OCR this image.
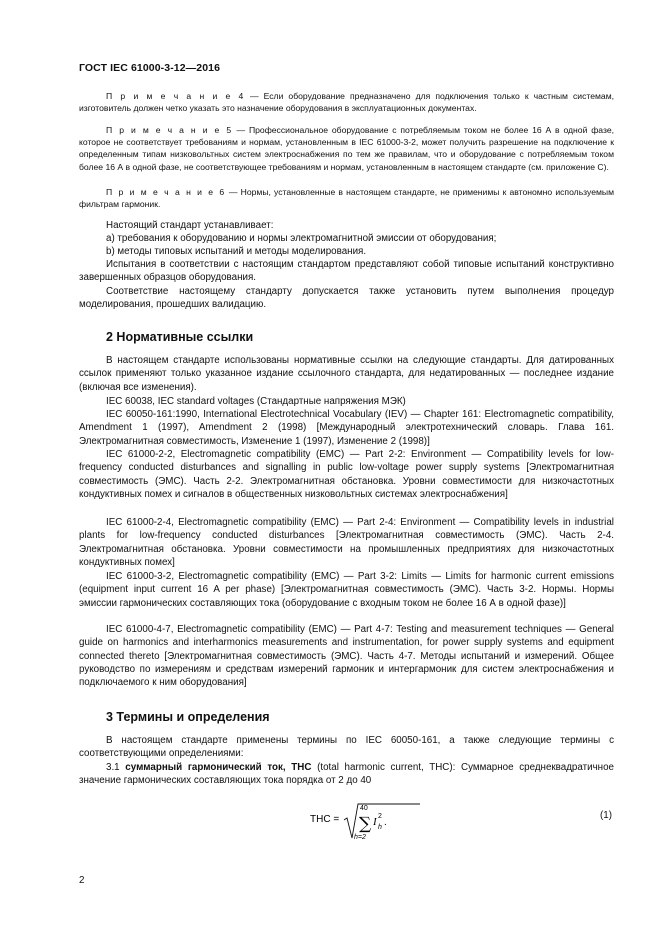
ГОСТ IEC 61000-3-12—2016
П р и м е ч а н и е 4 — Если оборудование предназначено для подключения только к частным системам, изготовитель должен четко указать это назначение оборудования в эксплуатационных документах.
П р и м е ч а н и е 5 — Профессиональное оборудование с потребляемым током не более 16 А в одной фазе, которое не соответствует требованиям и нормам, установленным в IEC 61000-3-2, может получить разрешение на подключение к определенным типам низковольтных систем электроснабжения по тем же правилам, что и оборудование с потребляемым током более 16 А в одной фазе, не соответствующее требованиям и нормам, установленным в настоящем стандарте (см. приложение С).
П р и м е ч а н и е 6 — Нормы, установленные в настоящем стандарте, не применимы к автономно используемым фильтрам гармоник.
Настоящий стандарт устанавливает:
а) требования к оборудованию и нормы электромагнитной эмиссии от оборудования;
b) методы типовых испытаний и методы моделирования.
Испытания в соответствии с настоящим стандартом представляют собой типовые испытаний конструктивно завершенных образцов оборудования.
Соответствие настоящему стандарту допускается также установить путем выполнения процедур моделирования, прошедших валидацию.
2 Нормативные ссылки
В настоящем стандарте использованы нормативные ссылки на следующие стандарты. Для датированных ссылок применяют только указанное издание ссылочного стандарта, для недатированных — последнее издание (включая все изменения).
IEC 60038, IEC standard voltages (Стандартные напряжения МЭК)
IEC 60050-161:1990, International Electrotechnical Vocabulary (IEV) — Chapter 161: Electromagnetic compatibility, Amendment 1 (1997), Amendment 2 (1998) [Международный электротехнический словарь. Глава 161. Электромагнитная совместимость, Изменение 1 (1997), Изменение 2 (1998)]
IEC 61000-2-2, Electromagnetic compatibility (EMC) — Part 2-2: Environment — Compatibility levels for low-frequency conducted disturbances and signalling in public low-voltage power supply systems [Электромагнитная совместимость (ЭМС). Часть 2-2. Электромагнитная обстановка. Уровни совместимости для низкочастотных кондуктивных помех и сигналов в общественных низковольтных системах электроснабжения]
IEC 61000-2-4, Electromagnetic compatibility (EMC) — Part 2-4: Environment — Compatibility levels in industrial plants for low-frequency conducted disturbances [Электромагнитная совместимость (ЭМС). Часть 2-4. Электромагнитная обстановка. Уровни совместимости на промышленных предприятиях для низкочастотных кондуктивных помех]
IEC 61000-3-2, Electromagnetic compatibility (EMC) — Part 3-2: Limits — Limits for harmonic current emissions (equipment input current 16 A per phase) [Электромагнитная совместимость (ЭМС). Часть 3-2. Нормы. Нормы эмиссии гармонических составляющих тока (оборудование с входным током не более 16 А в одной фазе)]
IEC 61000-4-7, Electromagnetic compatibility (EMC) — Part 4-7: Testing and measurement techniques — General guide on harmonics and interharmonics measurements and instrumentation, for power supply systems and equipment connected thereto [Электромагнитная совместимость (ЭМС). Часть 4-7. Методы испытаний и измерений. Общее руководство по измерениям и средствам измерений гармоник и интергармоник для систем электроснабжения и подключаемого к ним оборудования]
3 Термины и определения
В настоящем стандарте применены термины по IEC 60050-161, а также следующие термины с соответствующими определениями:
3.1 суммарный гармонический ток, THC (total harmonic current, THC): Суммарное среднеквадратичное значение гармонических составляющих тока порядка от 2 до 40
THC =
40
∑
h=2
I 2
h .
(1)
2
